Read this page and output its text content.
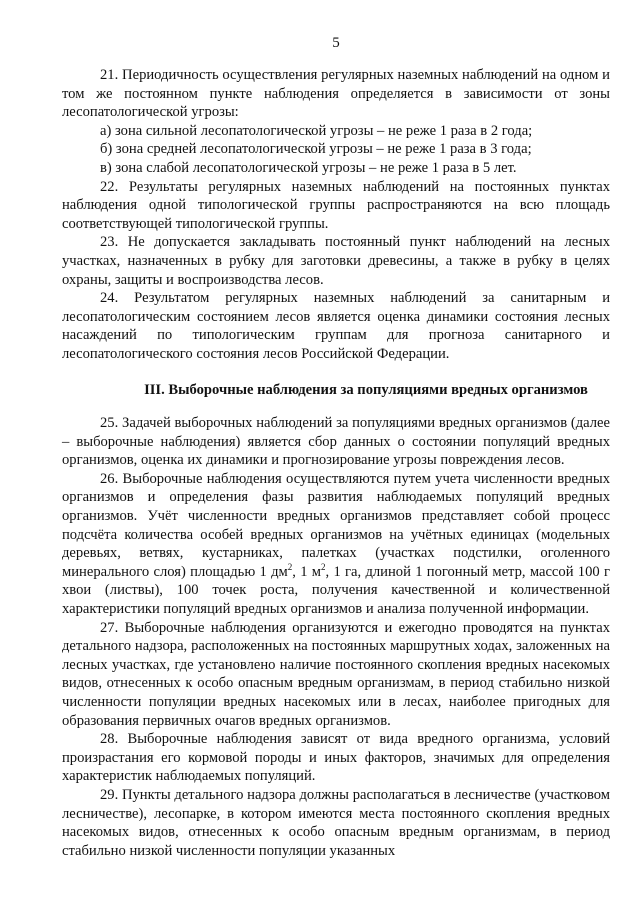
5

21. Периодичность осуществления регулярных наземных наблюдений на одном и том же постоянном пункте наблюдения определяется в зависимости от зоны лесопатологической угрозы:

а) зона сильной лесопатологической угрозы – не реже 1 раза в 2 года;

б) зона средней лесопатологической угрозы – не реже 1 раза в 3 года;

в) зона слабой лесопатологической угрозы – не реже 1 раза в 5 лет.

22. Результаты регулярных наземных наблюдений на постоянных пунктах наблюдения одной типологической группы распространяются на всю площадь соответствующей типологической группы.

23. Не допускается закладывать постоянный пункт наблюдений на лесных участках, назначенных в рубку для заготовки древесины, а также в рубку в целях охраны, защиты и воспроизводства лесов.

24. Результатом регулярных наземных наблюдений за санитарным и лесопатологическим состоянием лесов является оценка динамики состояния лесных насаждений по типологическим группам для прогноза санитарного и лесопатологического состояния лесов Российской Федерации.

III. Выборочные наблюдения за популяциями вредных организмов

25. Задачей выборочных наблюдений за популяциями вредных организмов (далее – выборочные наблюдения) является сбор данных о состоянии популяций вредных организмов, оценка их динамики и прогнозирование угрозы повреждения лесов.

26. Выборочные наблюдения осуществляются путем учета численности вредных организмов и определения фазы развития наблюдаемых популяций вредных организмов. Учёт численности вредных организмов представляет собой процесс подсчёта количества особей вредных организмов на учётных единицах (модельных деревьях, ветвях, кустарниках, палетках (участках подстилки, оголенного минерального слоя) площадью 1 $дм^2$, 1 $м^2$, 1 га, длиной 1 погонный метр, массой 100 г хвои (листвы), 100 точек роста, получения качественной и количественной характеристики популяций вредных организмов и анализа полученной информации.

27. Выборочные наблюдения организуются и ежегодно проводятся на пунктах детального надзора, расположенных на постоянных маршрутных ходах, заложенных на лесных участках, где установлено наличие постоянного скопления вредных насекомых видов, отнесенных к особо опасным вредным организмам, в период стабильно низкой численности популяции вредных насекомых или в лесах, наиболее пригодных для образования первичных очагов вредных организмов.

28. Выборочные наблюдения зависят от вида вредного организма, условий произрастания его кормовой породы и иных факторов, значимых для определения характеристик наблюдаемых популяций.

29. Пункты детального надзора должны располагаться в лесничестве (участковом лесничестве), лесопарке, в котором имеются места постоянного скопления вредных насекомых видов, отнесенных к особо опасным вредным организмам, в период стабильно низкой численности популяции указанных
